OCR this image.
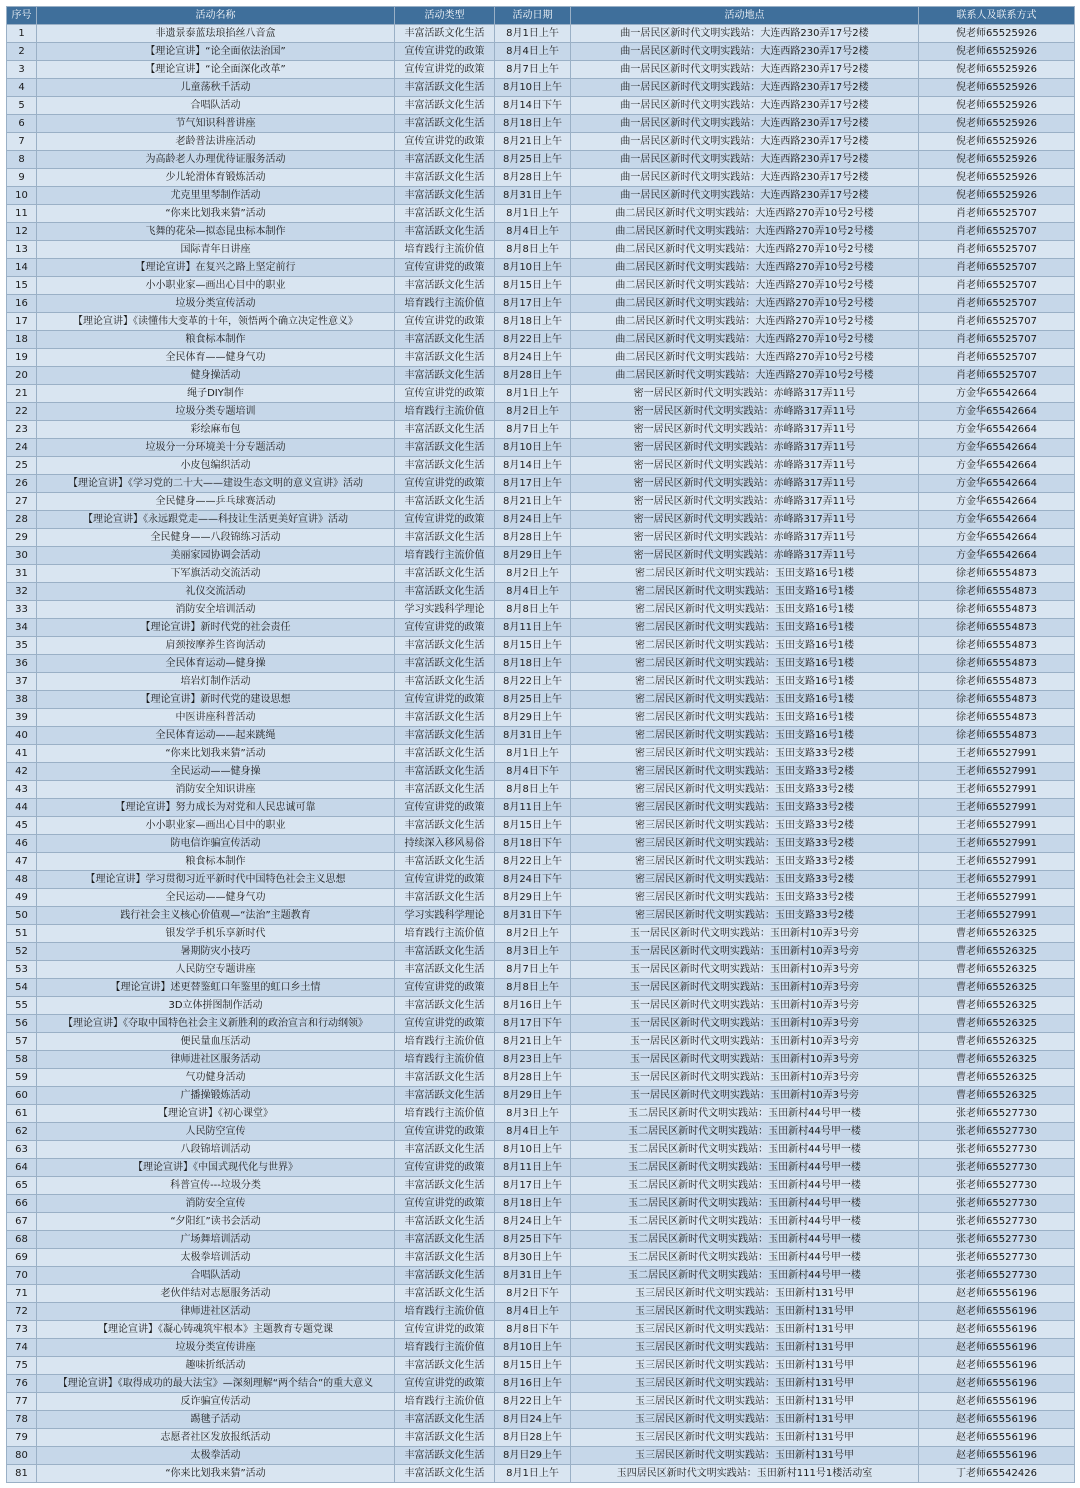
序号	活动名称	活动类型	活动日期	活动地点	联系人及联系方式
1	非遗景泰蓝珐琅掐丝八音盒	丰富活跃文化生活	8月1日上午	曲一居民区新时代文明实践站：大连西路230弄17号2楼	倪老师65525926
2	【理论宣讲】“论全面依法治国”	宣传宣讲党的政策	8月4日上午	曲一居民区新时代文明实践站：大连西路230弄17号2楼	倪老师65525926
3	【理论宣讲】“论全面深化改革”	宣传宣讲党的政策	8月7日上午	曲一居民区新时代文明实践站：大连西路230弄17号2楼	倪老师65525926
4	儿童荡秋千活动	丰富活跃文化生活	8月10日上午	曲一居民区新时代文明实践站：大连西路230弄17号2楼	倪老师65525926
5	合唱队活动	丰富活跃文化生活	8月14日下午	曲一居民区新时代文明实践站：大连西路230弄17号2楼	倪老师65525926
6	节气知识科普讲座	丰富活跃文化生活	8月18日上午	曲一居民区新时代文明实践站：大连西路230弄17号2楼	倪老师65525926
7	老龄普法讲座活动	宣传宣讲党的政策	8月21日上午	曲一居民区新时代文明实践站：大连西路230弄17号2楼	倪老师65525926
8	为高龄老人办理优待证服务活动	丰富活跃文化生活	8月25日上午	曲一居民区新时代文明实践站：大连西路230弄17号2楼	倪老师65525926
9	少儿轮滑体育锻炼活动	丰富活跃文化生活	8月28日上午	曲一居民区新时代文明实践站：大连西路230弄17号2楼	倪老师65525926
10	尤克里里琴制作活动	丰富活跃文化生活	8月31日上午	曲一居民区新时代文明实践站：大连西路230弄17号2楼	倪老师65525926
11	“你来比划我来猜”活动	丰富活跃文化生活	8月1日上午	曲二居民区新时代文明实践站：大连西路270弄10号2号楼	肖老师65525707
12	飞舞的花朵—拟态昆虫标本制作	丰富活跃文化生活	8月4日上午	曲二居民区新时代文明实践站：大连西路270弄10号2号楼	肖老师65525707
13	国际青年日讲座	培育践行主流价值	8月8日上午	曲二居民区新时代文明实践站：大连西路270弄10号2号楼	肖老师65525707
14	【理论宣讲】在复兴之路上坚定前行	宣传宣讲党的政策	8月10日上午	曲二居民区新时代文明实践站：大连西路270弄10号2号楼	肖老师65525707
15	小小职业家—画出心目中的职业	丰富活跃文化生活	8月15日上午	曲二居民区新时代文明实践站：大连西路270弄10号2号楼	肖老师65525707
16	垃圾分类宣传活动	培育践行主流价值	8月17日上午	曲二居民区新时代文明实践站：大连西路270弄10号2号楼	肖老师65525707
17	【理论宣讲】《读懂伟大变革的十年，领悟两个确立决定性意义》	宣传宣讲党的政策	8月18日上午	曲二居民区新时代文明实践站：大连西路270弄10号2号楼	肖老师65525707
18	粮食标本制作	丰富活跃文化生活	8月22日上午	曲二居民区新时代文明实践站：大连西路270弄10号2号楼	肖老师65525707
19	全民体育——健身气功	丰富活跃文化生活	8月24日上午	曲二居民区新时代文明实践站：大连西路270弄10号2号楼	肖老师65525707
20	健身操活动	丰富活跃文化生活	8月28日上午	曲二居民区新时代文明实践站：大连西路270弄10号2号楼	肖老师65525707
21	绳子DIY制作	宣传宣讲党的政策	8月1日上午	密一居民区新时代文明实践站：赤峰路317弄11号	方金华65542664
22	垃圾分类专题培训	培育践行主流价值	8月2日上午	密一居民区新时代文明实践站：赤峰路317弄11号	方金华65542664
23	彩绘麻布包	丰富活跃文化生活	8月7日上午	密一居民区新时代文明实践站：赤峰路317弄11号	方金华65542664
24	垃圾分一分环境美十分专题活动	丰富活跃文化生活	8月10日上午	密一居民区新时代文明实践站：赤峰路317弄11号	方金华65542664
25	小皮包编织活动	丰富活跃文化生活	8月14日上午	密一居民区新时代文明实践站：赤峰路317弄11号	方金华65542664
26	【理论宣讲】《学习党的二十大——建设生态文明的意义宣讲》活动	宣传宣讲党的政策	8月17日上午	密一居民区新时代文明实践站：赤峰路317弄11号	方金华65542664
27	全民健身——乒乓球赛活动	丰富活跃文化生活	8月21日上午	密一居民区新时代文明实践站：赤峰路317弄11号	方金华65542664
28	【理论宣讲】《永远跟党走——科技让生活更美好宣讲》活动	宣传宣讲党的政策	8月24日上午	密一居民区新时代文明实践站：赤峰路317弄11号	方金华65542664
29	全民健身——八段锦练习活动	丰富活跃文化生活	8月28日上午	密一居民区新时代文明实践站：赤峰路317弄11号	方金华65542664
30	美丽家园协调会活动	培育践行主流价值	8月29日上午	密一居民区新时代文明实践站：赤峰路317弄11号	方金华65542664
31	下军旗活动交流活动	丰富活跃文化生活	8月2日上午	密二居民区新时代文明实践站：玉田支路16号1楼	徐老师65554873
32	礼仪交流活动	丰富活跃文化生活	8月4日上午	密二居民区新时代文明实践站：玉田支路16号1楼	徐老师65554873
33	消防安全培训活动	学习实践科学理论	8月8日上午	密二居民区新时代文明实践站：玉田支路16号1楼	徐老师65554873
34	【理论宣讲】新时代党的社会责任	宣传宣讲党的政策	8月11日上午	密二居民区新时代文明实践站：玉田支路16号1楼	徐老师65554873
35	肩颈按摩养生咨询活动	丰富活跃文化生活	8月15日上午	密二居民区新时代文明实践站：玉田支路16号1楼	徐老师65554873
36	全民体育运动—健身操	丰富活跃文化生活	8月18日上午	密二居民区新时代文明实践站：玉田支路16号1楼	徐老师65554873
37	培岩灯制作活动	丰富活跃文化生活	8月22日上午	密二居民区新时代文明实践站：玉田支路16号1楼	徐老师65554873
38	【理论宣讲】新时代党的建设思想	宣传宣讲党的政策	8月25日上午	密二居民区新时代文明实践站：玉田支路16号1楼	徐老师65554873
39	中医讲座科普活动	丰富活跃文化生活	8月29日上午	密二居民区新时代文明实践站：玉田支路16号1楼	徐老师65554873
40	全民体育运动——起来跳绳	丰富活跃文化生活	8月31日上午	密二居民区新时代文明实践站：玉田支路16号1楼	徐老师65554873
41	“你来比划我来猜”活动	丰富活跃文化生活	8月1日上午	密三居民区新时代文明实践站：玉田支路33号2楼	王老师65527991
42	全民运动——健身操	丰富活跃文化生活	8月4日下午	密三居民区新时代文明实践站：玉田支路33号2楼	王老师65527991
43	消防安全知识讲座	丰富活跃文化生活	8月8日上午	密三居民区新时代文明实践站：玉田支路33号2楼	王老师65527991
44	【理论宣讲】努力成长为对党和人民忠诚可靠	宣传宣讲党的政策	8月11日上午	密三居民区新时代文明实践站：玉田支路33号2楼	王老师65527991
45	小小职业家—画出心目中的职业	丰富活跃文化生活	8月15日上午	密三居民区新时代文明实践站：玉田支路33号2楼	王老师65527991
46	防电信诈骗宣传活动	持续深入移风易俗	8月18日下午	密三居民区新时代文明实践站：玉田支路33号2楼	王老师65527991
47	粮食标本制作	丰富活跃文化生活	8月22日上午	密三居民区新时代文明实践站：玉田支路33号2楼	王老师65527991
48	【理论宣讲】学习贯彻习近平新时代中国特色社会主义思想	宣传宣讲党的政策	8月24日下午	密三居民区新时代文明实践站：玉田支路33号2楼	王老师65527991
49	全民运动——健身气功	丰富活跃文化生活	8月29日上午	密三居民区新时代文明实践站：玉田支路33号2楼	王老师65527991
50	践行社会主义核心价值观—“法治”主题教育	学习实践科学理论	8月31日下午	密三居民区新时代文明实践站：玉田支路33号2楼	王老师65527991
51	银发学手机乐享新时代	培育践行主流价值	8月2日上午	玉一居民区新时代文明实践站：玉田新村10弄3号旁	曹老师65526325
52	暑期防灾小技巧	丰富活跃文化生活	8月3日上午	玉一居民区新时代文明实践站：玉田新村10弄3号旁	曹老师65526325
53	人民防空专题讲座	丰富活跃文化生活	8月7日上午	玉一居民区新时代文明实践站：玉田新村10弄3号旁	曹老师65526325
54	【理论宣讲】述更替鉴虹口年鉴里的虹口乡土情	宣传宣讲党的政策	8月8日上午	玉一居民区新时代文明实践站：玉田新村10弄3号旁	曹老师65526325
55	3D立体拼图制作活动	丰富活跃文化生活	8月16日上午	玉一居民区新时代文明实践站：玉田新村10弄3号旁	曹老师65526325
56	【理论宣讲】《夺取中国特色社会主义新胜利的政治宣言和行动纲领》	宣传宣讲党的政策	8月17日下午	玉一居民区新时代文明实践站：玉田新村10弄3号旁	曹老师65526325
57	便民量血压活动	培育践行主流价值	8月21日上午	玉一居民区新时代文明实践站：玉田新村10弄3号旁	曹老师65526325
58	律师进社区服务活动	培育践行主流价值	8月23日上午	玉一居民区新时代文明实践站：玉田新村10弄3号旁	曹老师65526325
59	气功健身活动	丰富活跃文化生活	8月28日上午	玉一居民区新时代文明实践站：玉田新村10弄3号旁	曹老师65526325
60	广播操锻炼活动	丰富活跃文化生活	8月29日上午	玉一居民区新时代文明实践站：玉田新村10弄3号旁	曹老师65526325
61	【理论宣讲】《初心课堂》	培育践行主流价值	8月3日上午	玉二居民区新时代文明实践站：玉田新村44号甲一楼	张老师65527730
62	人民防空宣传	宣传宣讲党的政策	8月4日上午	玉二居民区新时代文明实践站：玉田新村44号甲一楼	张老师65527730
63	八段锦培训活动	丰富活跃文化生活	8月10日上午	玉二居民区新时代文明实践站：玉田新村44号甲一楼	张老师65527730
64	【理论宣讲】《中国式现代化与世界》	宣传宣讲党的政策	8月11日上午	玉二居民区新时代文明实践站：玉田新村44号甲一楼	张老师65527730
65	科普宣传---垃圾分类	丰富活跃文化生活	8月17日上午	玉二居民区新时代文明实践站：玉田新村44号甲一楼	张老师65527730
66	消防安全宣传	宣传宣讲党的政策	8月18日上午	玉二居民区新时代文明实践站：玉田新村44号甲一楼	张老师65527730
67	“夕阳红”读书会活动	丰富活跃文化生活	8月24日上午	玉二居民区新时代文明实践站：玉田新村44号甲一楼	张老师65527730
68	广场舞培训活动	丰富活跃文化生活	8月25日下午	玉二居民区新时代文明实践站：玉田新村44号甲一楼	张老师65527730
69	太极拳培训活动	丰富活跃文化生活	8月30日上午	玉二居民区新时代文明实践站：玉田新村44号甲一楼	张老师65527730
70	合唱队活动	丰富活跃文化生活	8月31日上午	玉二居民区新时代文明实践站：玉田新村44号甲一楼	张老师65527730
71	老伙伴结对志愿服务活动	丰富活跃文化生活	8月2日下午	玉三居民区新时代文明实践站：玉田新村131号甲	赵老师65556196
72	律师进社区活动	培育践行主流价值	8月4日上午	玉三居民区新时代文明实践站：玉田新村131号甲	赵老师65556196
73	【理论宣讲】《凝心铸魂筑牢根本》主题教育专题党课	宣传宣讲党的政策	8月8日下午	玉三居民区新时代文明实践站：玉田新村131号甲	赵老师65556196
74	垃圾分类宣传讲座	培育践行主流价值	8月10日上午	玉三居民区新时代文明实践站：玉田新村131号甲	赵老师65556196
75	趣味折纸活动	丰富活跃文化生活	8月15日上午	玉三居民区新时代文明实践站：玉田新村131号甲	赵老师65556196
76	【理论宣讲】《取得成功的最大法宝》—深刻理解“两个结合”的重大意义	宣传宣讲党的政策	8月16日上午	玉三居民区新时代文明实践站：玉田新村131号甲	赵老师65556196
77	反诈骗宣传活动	培育践行主流价值	8月22日上午	玉三居民区新时代文明实践站：玉田新村131号甲	赵老师65556196
78	踢毽子活动	丰富活跃文化生活	8月日24上午	玉三居民区新时代文明实践站：玉田新村131号甲	赵老师65556196
79	志愿者社区发放报纸活动	丰富活跃文化生活	8月日28上午	玉三居民区新时代文明实践站：玉田新村131号甲	赵老师65556196
80	太极拳活动	丰富活跃文化生活	8月日29上午	玉三居民区新时代文明实践站：玉田新村131号甲	赵老师65556196
81	“你来比划我来猜”活动	丰富活跃文化生活	8月1日上午	玉四居民区新时代文明实践站：玉田新村111号1楼活动室	丁老师65542426
